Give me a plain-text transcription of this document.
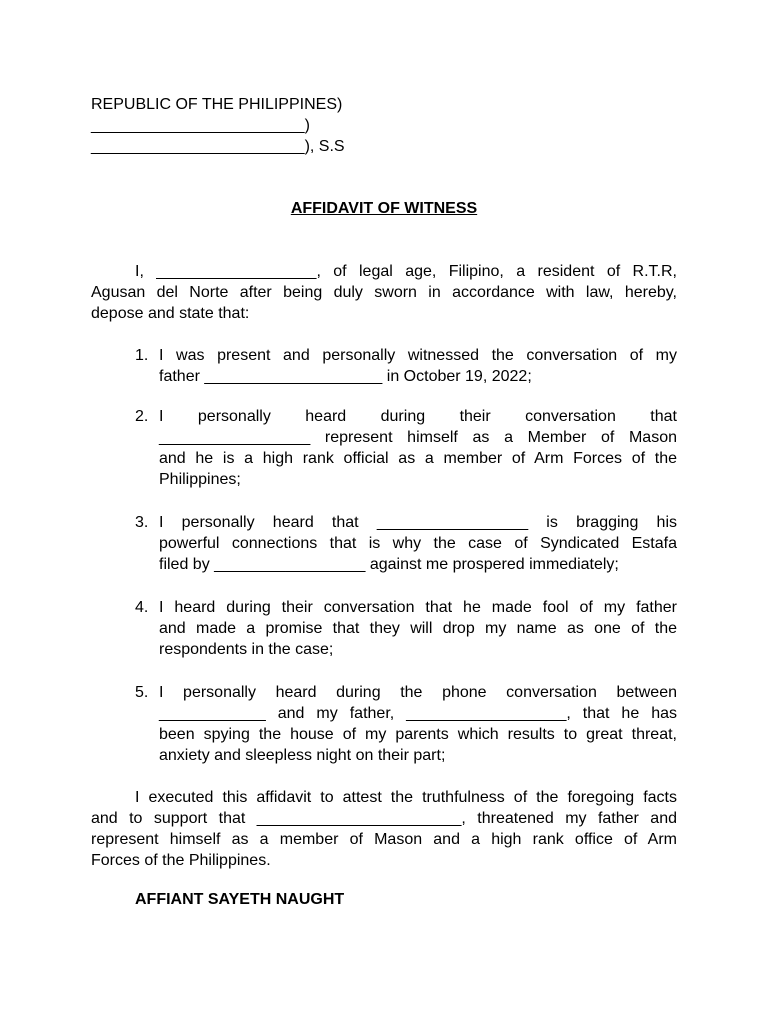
REPUBLIC OF THE PHILIPPINES)

________________________)

________________________), S.S

AFFIDAVIT OF WITNESS

I, __________________, of legal age, Filipino, a resident of R.T.R,

Agusan del Norte after being duly sworn in accordance with law, hereby,

depose and state that:

1. I was present and personally witnessed the conversation of my

father ____________________ in October 19, 2022;

2. I personally heard during their conversation that

_________________ represent himself as a Member of Mason

and he is a high rank official as a member of Arm Forces of the

Philippines;

3. I personally heard that _________________ is bragging his

powerful connections that is why the case of Syndicated Estafa

filed by _________________ against me prospered immediately;

4. I heard during their conversation that he made fool of my father

and made a promise that they will drop my name as one of the

respondents in the case;

5. I personally heard during the phone conversation between

____________ and my father, __________________, that he has

been spying the house of my parents which results to great threat,

anxiety and sleepless night on their part;

I executed this affidavit to attest the truthfulness of the foregoing facts

and to support that _______________________, threatened my father and

represent himself as a member of Mason and a high rank office of Arm

Forces of the Philippines.

AFFIANT SAYETH NAUGHT
